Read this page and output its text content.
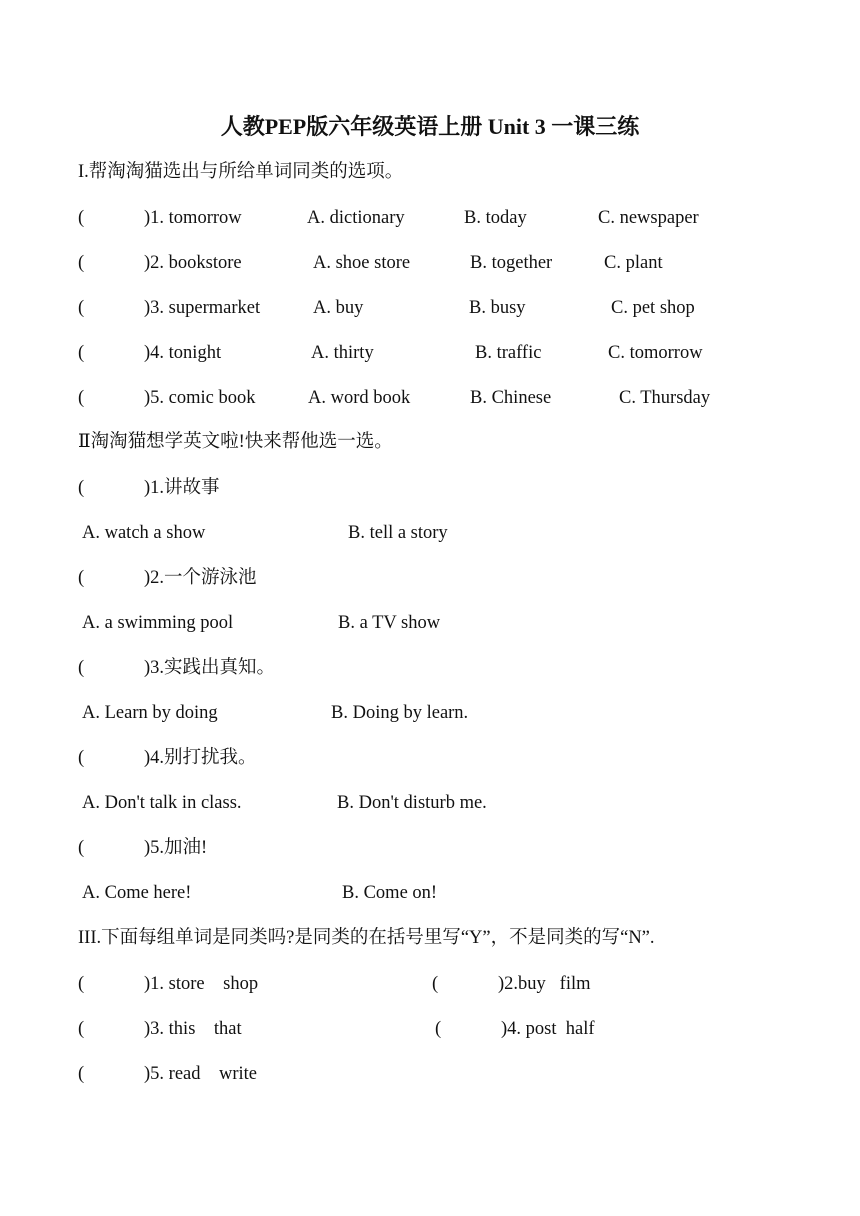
人教PEP版六年级英语上册 Unit 3 一课三练
I.帮淘淘猫选出与所给单词同类的选项。
(	)1. tomorrow	A. dictionary	B. today	C. newspaper
(	)2. bookstore	A. shoe store	B. together	C. plant
(	)3. supermarket	A. buy	B. busy	C. pet shop
(	)4. tonight	A. thirty	B. traffic	C. tomorrow
(	)5. comic book	A. word book	B. Chinese	C. Thursday
Ⅱ淘淘猫想学英文啦!快来帮他选一选。
(	)1.讲故事
A. watch a show	B. tell a story
(	)2.一个游泳池
A. a swimming pool	B. a TV show
(	)3.实践出真知。
A. Learn by doing	B. Doing by learn.
(	)4.别打扰我。
A. Don't talk in class.	B. Don't disturb me.
(	)5.加油!
A. Come here!	B. Come on!
III.下面每组单词是同类吗?是同类的在括号里写“Y”，不是同类的写“N”.
(	)1. store    shop	(	)2.buy   film
(	)3. this    that	(	)4. post  half
(	)5. read    write
